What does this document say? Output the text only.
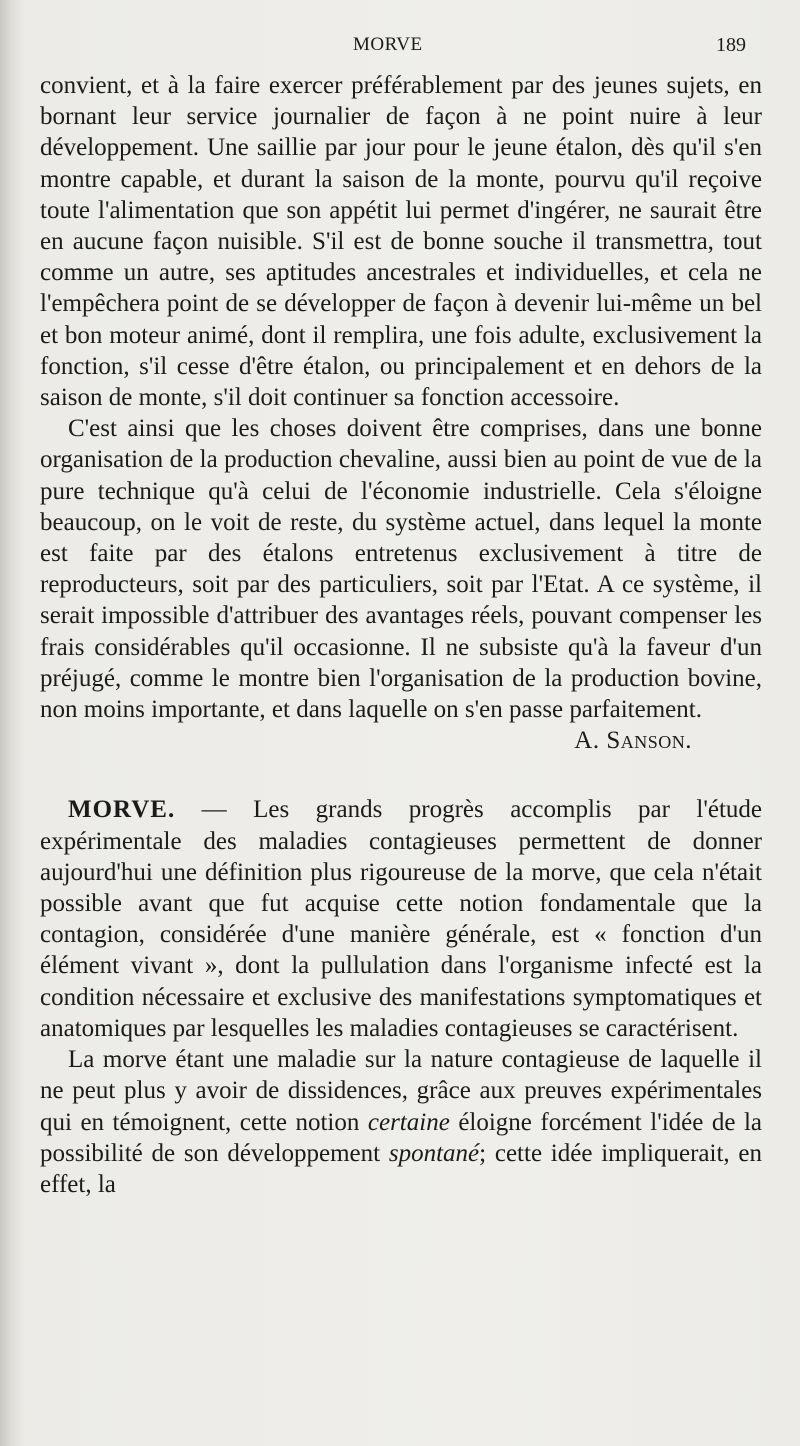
MORVE	189

convient, et à la faire exercer préférablement par des jeunes sujets, en bornant leur service journalier de façon à ne point nuire à leur développement. Une saillie par jour pour le jeune étalon, dès qu'il s'en montre capable, et durant la saison de la monte, pourvu qu'il reçoive toute l'alimentation que son appétit lui permet d'ingérer, ne saurait être en aucune façon nuisible. S'il est de bonne souche il transmettra, tout comme un autre, ses aptitudes ancestrales et individuelles, et cela ne l'empêchera point de se développer de façon à devenir lui-même un bel et bon moteur animé, dont il remplira, une fois adulte, exclusivement la fonction, s'il cesse d'être étalon, ou principalement et en dehors de la saison de monte, s'il doit continuer sa fonction accessoire.

C'est ainsi que les choses doivent être comprises, dans une bonne organisation de la production chevaline, aussi bien au point de vue de la pure technique qu'à celui de l'économie industrielle. Cela s'éloigne beaucoup, on le voit de reste, du système actuel, dans lequel la monte est faite par des étalons entretenus exclusivement à titre de reproducteurs, soit par des particuliers, soit par l'Etat. A ce système, il serait impossible d'attribuer des avantages réels, pouvant compenser les frais considérables qu'il occasionne. Il ne subsiste qu'à la faveur d'un préjugé, comme le montre bien l'organisation de la production bovine, non moins importante, et dans laquelle on s'en passe parfaitement.

A. Sanson.

MORVE. — Les grands progrès accomplis par l'étude expérimentale des maladies contagieuses permettent de donner aujourd'hui une définition plus rigoureuse de la morve, que cela n'était possible avant que fut acquise cette notion fondamentale que la contagion, considérée d'une manière générale, est « fonction d'un élément vivant », dont la pullulation dans l'organisme infecté est la condition nécessaire et exclusive des manifestations symptomatiques et anatomiques par lesquelles les maladies contagieuses se caractérisent.

La morve étant une maladie sur la nature contagieuse de laquelle il ne peut plus y avoir de dissidences, grâce aux preuves expérimentales qui en témoignent, cette notion certaine éloigne forcément l'idée de la possibilité de son développement spontané; cette idée impliquerait, en effet, la
